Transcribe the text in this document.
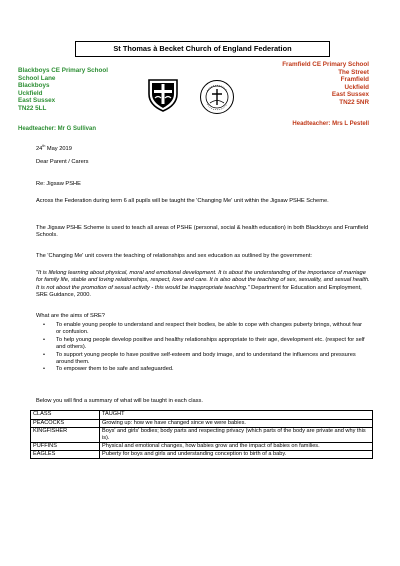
St Thomas à Becket Church of England Federation
Blackboys CE Primary School
School Lane
Blackboys
Uckfield
East Sussex
TN22 5LL
Headteacher: Mr G Sullivan
Framfield CE Primary School
The Street
Framfield
Uckfield
East Sussex
TN22 5NR
Headteacher: Mrs L Pestell
24th May 2019
Dear Parent / Carers
Re: Jigsaw PSHE
Across the Federation during term 6 all pupils will be taught the 'Changing Me' unit within the Jigsaw PSHE Scheme.
The Jigsaw PSHE Scheme is used to teach all areas of PSHE (personal, social & health education) in both Blackboys and Framfield Schools.
The 'Changing Me' unit covers the teaching of relationships and sex education as outlined by the government:
"It is lifelong learning about physical, moral and emotional development. It is about the understanding of the importance of marriage for family life, stable and loving relationships, respect, love and care. It is also about the teaching of sex, sexuality, and sexual health. It is not about the promotion of sexual activity - this would be inappropriate teaching." Department for Education and Employment, SRE Guidance, 2000.
What are the aims of SRE?
• To enable young people to understand and respect their bodies, be able to cope with changes puberty brings, without fear or confusion.
• To help young people develop positive and healthy relationships appropriate to their age, development etc. (respect for self and others).
• To support young people to have positive self-esteem and body image, and to understand the influences and pressures around them.
• To empower them to be safe and safeguarded.
Below you will find a summary of what will be taught in each class.
CLASS	TAUGHT
PEACOCKS	Growing up: how we have changed since we were babies.
KINGFISHER	Boys' and girls' bodies; body parts and respecting privacy (which parts of the body are private and why this is).
PUFFINS	Physical and emotional changes, how babies grow and the impact of babies on families.
EAGLES	Puberty for boys and girls and understanding conception to birth of a baby.
